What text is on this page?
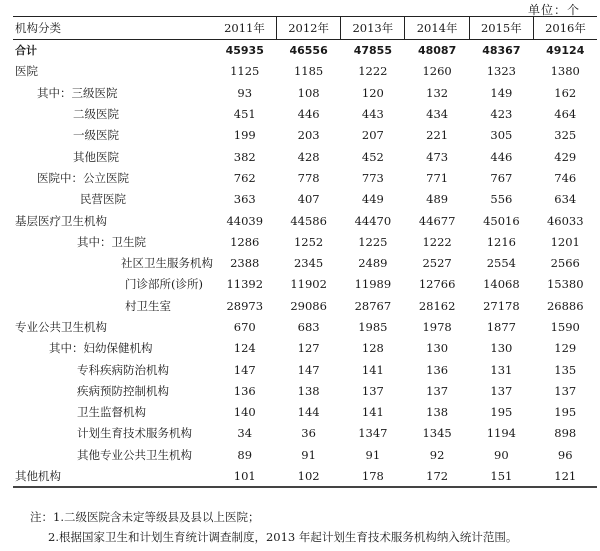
单位：个
机构分类	2011年	2012年	2013年	2014年	2015年	2016年
合计	45935	46556	47855	48087	48367	49124
医院	1125	1185	1222	1260	1323	1380
其中：三级医院	93	108	120	132	149	162
二级医院	451	446	443	434	423	464
一级医院	199	203	207	221	305	325
其他医院	382	428	452	473	446	429
医院中：公立医院	762	778	773	771	767	746
民营医院	363	407	449	489	556	634
基层医疗卫生机构	44039	44586	44470	44677	45016	46033
其中：卫生院	1286	1252	1225	1222	1216	1201
社区卫生服务机构	2388	2345	2489	2527	2554	2566
门诊部所(诊所)	11392	11902	11989	12766	14068	15380
村卫生室	28973	29086	28767	28162	27178	26886
专业公共卫生机构	670	683	1985	1978	1877	1590
其中：妇幼保健机构	124	127	128	130	130	129
专科疾病防治机构	147	147	141	136	131	135
疾病预防控制机构	136	138	137	137	137	137
卫生监督机构	140	144	141	138	195	195
计划生育技术服务机构	34	36	1347	1345	1194	898
其他专业公共卫生机构	89	91	91	92	90	96
其他机构	101	102	178	172	151	121
注：1.二级医院含未定等级县及县以上医院；
2.根据国家卫生和计划生育统计调查制度，2013 年起计划生育技术服务机构纳入统计范围。
